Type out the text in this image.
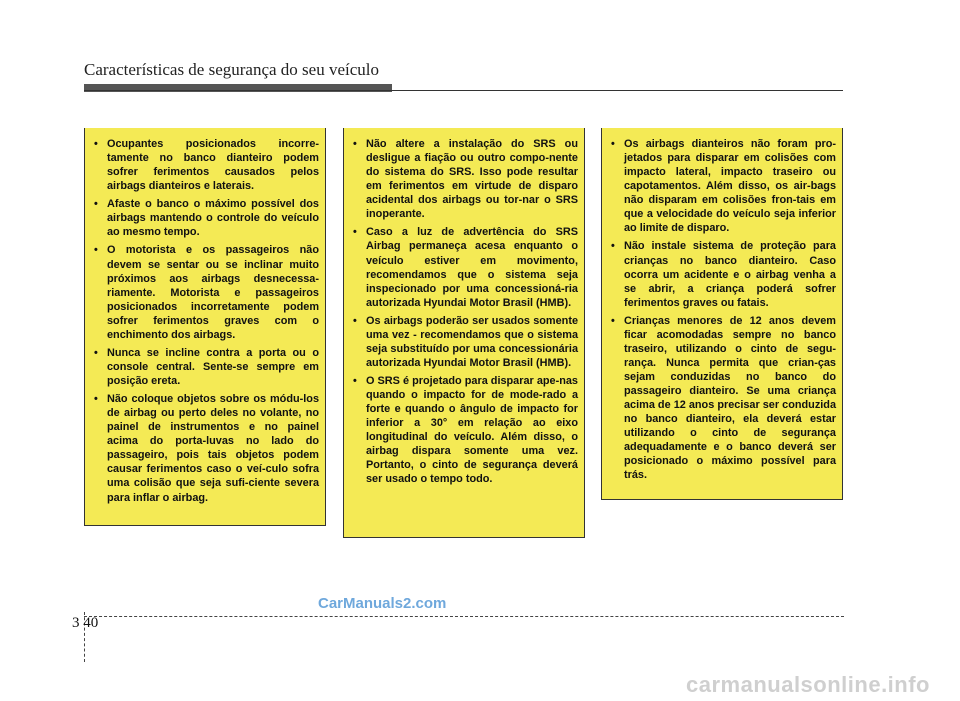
Características de segurança do seu veículo
• Ocupantes posicionados incorre-tamente no banco dianteiro podem sofrer ferimentos causados pelos airbags dianteiros e laterais.
• Afaste o banco o máximo possível dos airbags mantendo o controle do veículo ao mesmo tempo.
• O motorista e os passageiros não devem se sentar ou se inclinar muito próximos aos airbags desnecessa-riamente. Motorista e passageiros posicionados incorretamente podem sofrer ferimentos graves com o enchimento dos airbags.
• Nunca se incline contra a porta ou o console central. Sente-se sempre em posição ereta.
• Não coloque objetos sobre os módu-los de airbag ou perto deles no volante, no painel de instrumentos e no painel acima do porta-luvas no lado do passageiro, pois tais objetos podem causar ferimentos caso o veí-culo sofra uma colisão que seja sufi-ciente severa para inflar o airbag.
• Não altere a instalação do SRS ou desligue a fiação ou outro compo-nente do sistema do SRS. Isso pode resultar em ferimentos em virtude de disparo acidental dos airbags ou tor-nar o SRS inoperante.
• Caso a luz de advertência do SRS Airbag permaneça acesa enquanto o veículo estiver em movimento, recomendamos que o sistema seja inspecionado por uma concessioná-ria autorizada Hyundai Motor Brasil (HMB).
• Os airbags poderão ser usados somente uma vez - recomendamos que o sistema seja substituído por uma concessionária autorizada Hyundai Motor Brasil (HMB).
• O SRS é projetado para disparar ape-nas quando o impacto for de mode-rado a forte e quando o ângulo de impacto for inferior a 30° em relação ao eixo longitudinal do veículo. Além disso, o airbag dispara somente uma vez. Portanto, o cinto de segurança deverá ser usado o tempo todo.
• Os airbags dianteiros não foram pro-jetados para disparar em colisões com impacto lateral, impacto traseiro ou capotamentos. Além disso, os air-bags não disparam em colisões fron-tais em que a velocidade do veículo seja inferior ao limite de disparo.
• Não instale sistema de proteção para crianças no banco dianteiro. Caso ocorra um acidente e o airbag venha a se abrir, a criança poderá sofrer ferimentos graves ou fatais.
• Crianças menores de 12 anos devem ficar acomodadas sempre no banco traseiro, utilizando o cinto de segu-rança. Nunca permita que crian-ças sejam conduzidas no banco do passageiro dianteiro. Se uma criança acima de 12 anos precisar ser conduzida no banco dianteiro, ela deverá estar utilizando o cinto de segurança adequadamente e o banco deverá ser posicionado o máximo possível para trás.
CarManuals2.com
3 40
carmanualsonline.info
